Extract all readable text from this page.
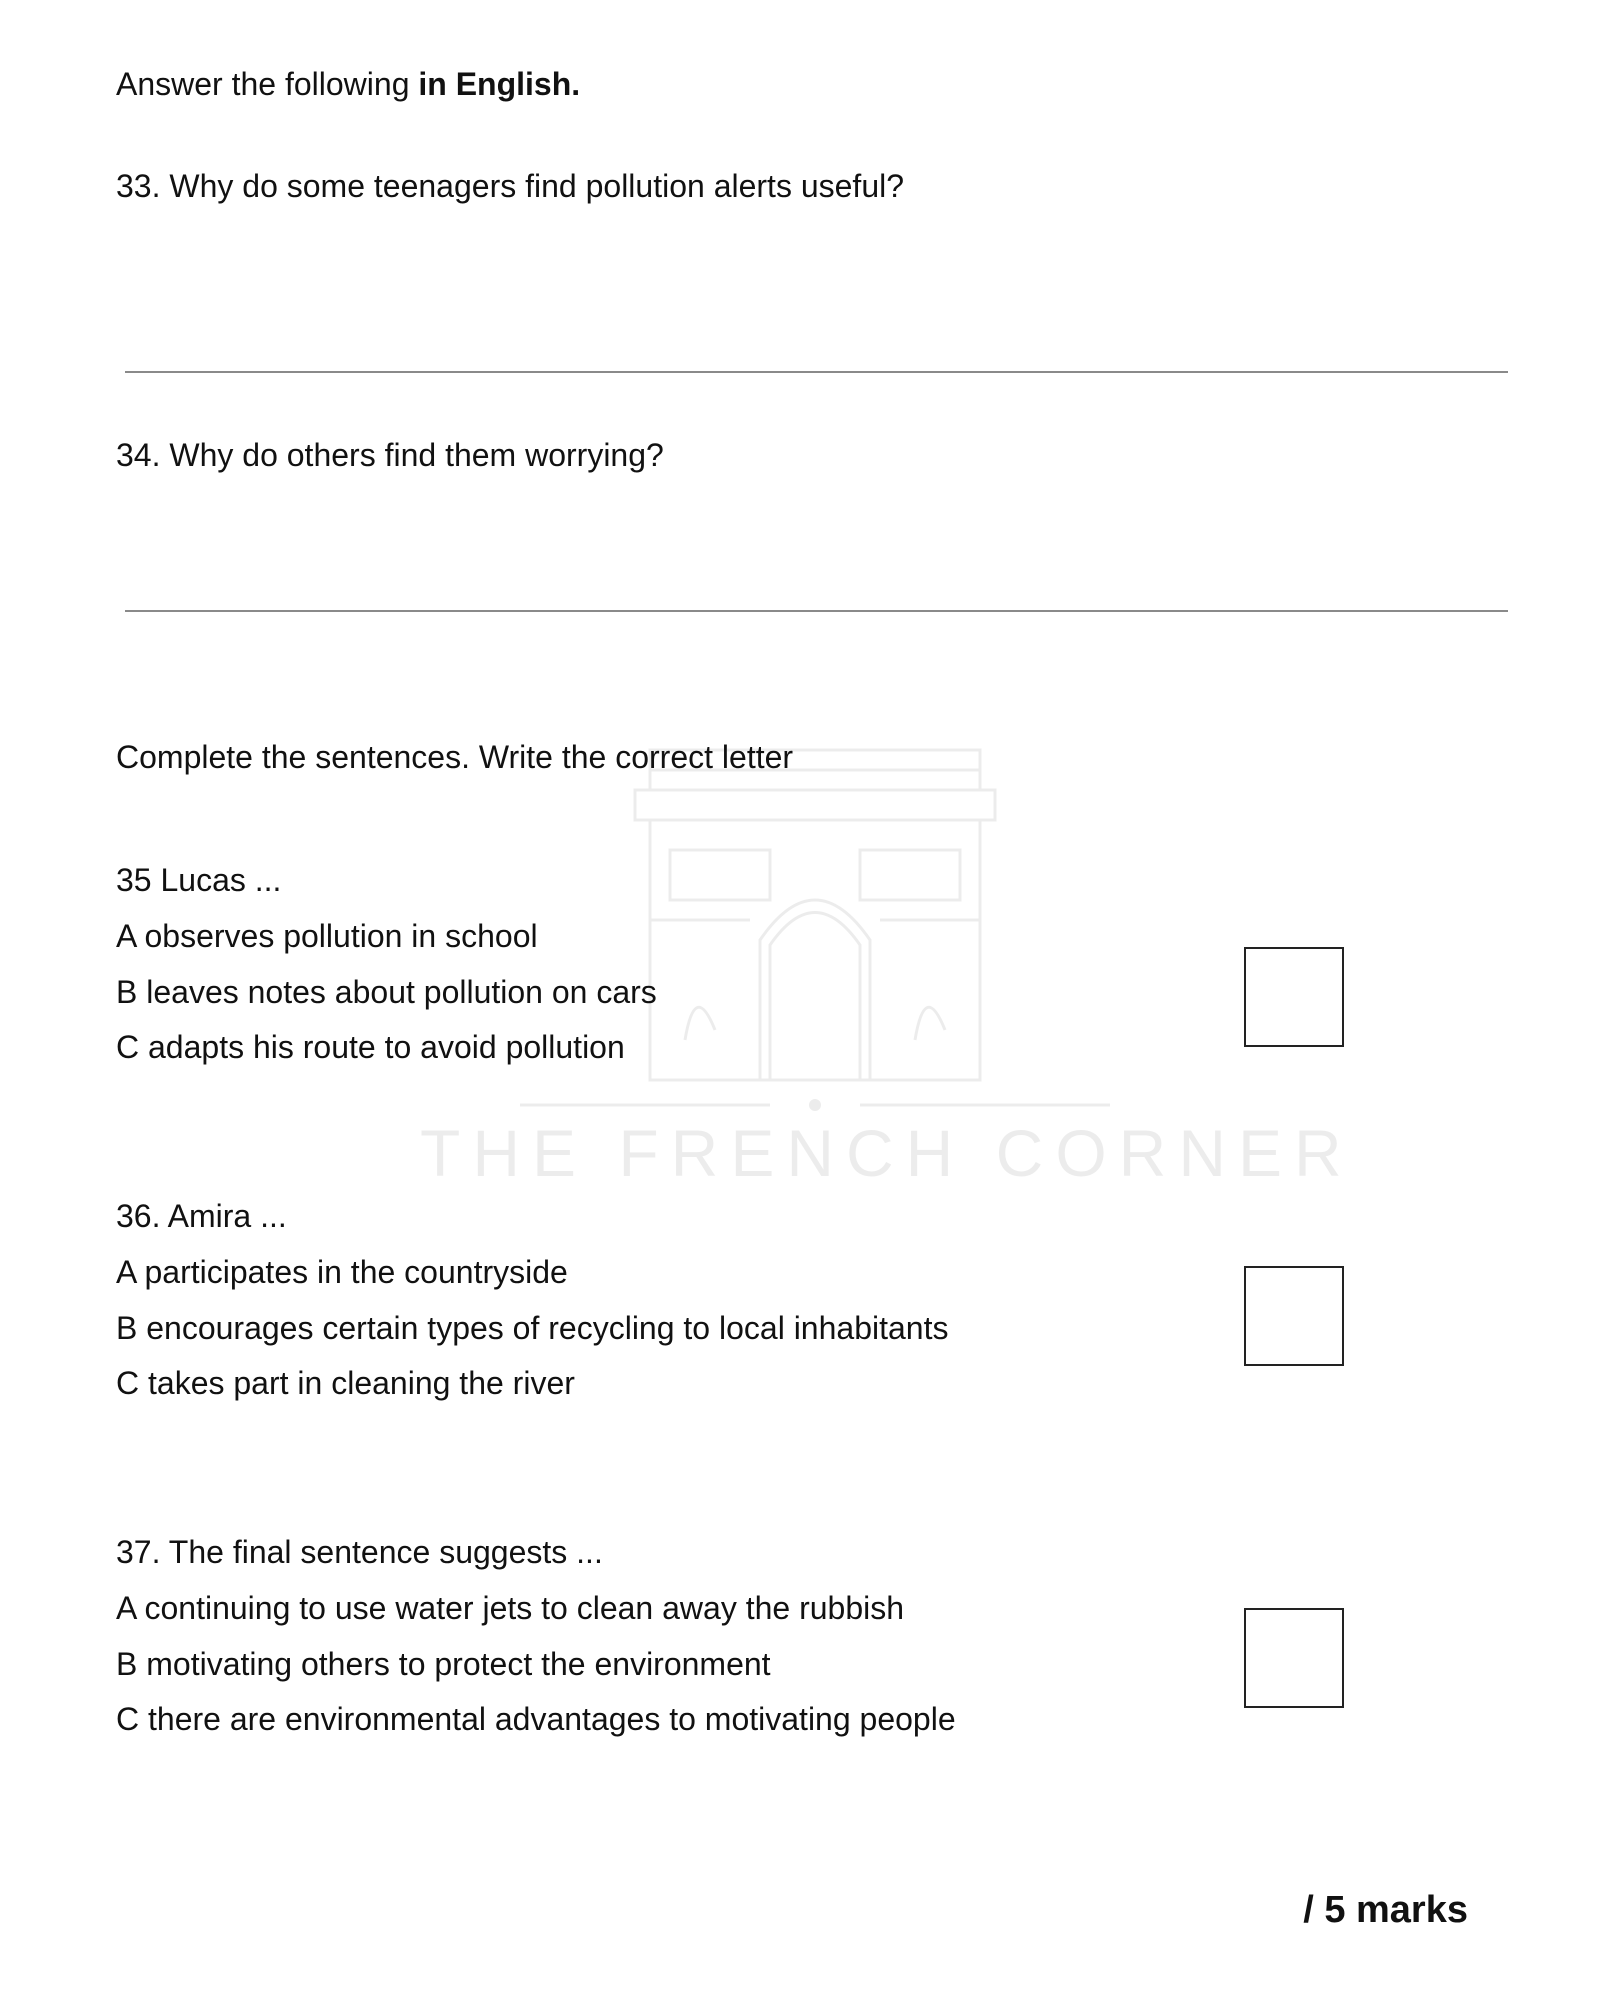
THE FRENCH CORNER
Answer the following in English.
33. Why do some teenagers find pollution alerts useful?
34. Why do others find them worrying?
Complete the sentences. Write the correct letter
35 Lucas ...
A observes pollution in school
B leaves notes about pollution on cars
C adapts his route to avoid pollution
36. Amira ...
A participates in the countryside
B encourages certain types of recycling to local inhabitants
C takes part in cleaning the river
37. The final sentence suggests ...
A continuing to use water jets to clean away the rubbish
B motivating others to protect the environment
C there are environmental advantages to motivating people
/ 5 marks
